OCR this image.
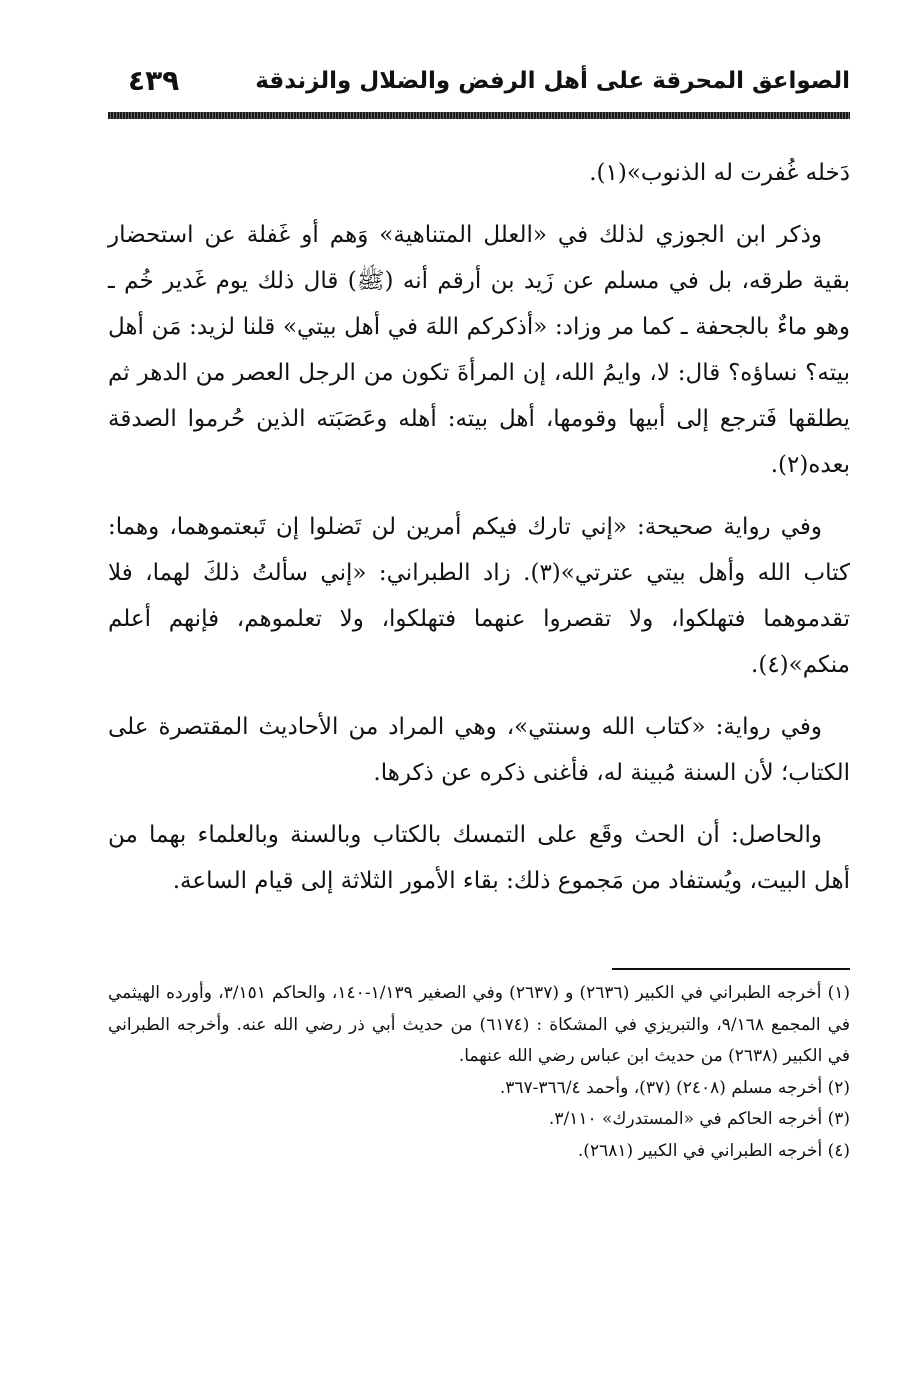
الصواعق المحرقة على أهل الرفض والضلال والزندقة
٤٣٩

دَخله غُفرت له الذنوب»(١).

وذكر ابن الجوزي لذلك في «العلل المتناهية» وَهم أو غَفلة عن استحضار بقية طرقه، بل في مسلم عن زَيد بن أرقم أنه (ﷺ) قال ذلك يوم غَدير خُم ـ وهو ماءٌ بالجحفة ـ كما مر وزاد: «أذكركم اللهَ في أهل بيتي» قلنا لزيد: مَن أهل بيته؟ نساؤه؟ قال: لا، وايمُ الله، إن المرأةَ تكون من الرجل العصر من الدهر ثم يطلقها فَترجع إلى أبيها وقومها، أهل بيته: أهله وعَصَبَته الذين حُرموا الصدقة بعده(٢).

وفي رواية صحيحة: «إني تارك فيكم أمرين لن تَضلوا إن تَبعتموهما، وهما: كتاب الله وأهل بيتي عترتي»(٣). زاد الطبراني: «إني سألتُ ذلكَ لهما، فلا تقدموهما فتهلكوا، ولا تقصروا عنهما فتهلكوا، ولا تعلموهم، فإنهم أعلم منكم»(٤).

وفي رواية: «كتاب الله وسنتي»، وهي المراد من الأحاديث المقتصرة على الكتاب؛ لأن السنة مُبينة له، فأغنى ذكره عن ذكرها.

والحاصل: أن الحث وقَع على التمسك بالكتاب وبالسنة وبالعلماء بهما من أهل البيت، ويُستفاد من مَجموع ذلك: بقاء الأمور الثلاثة إلى قيام الساعة.

(١) أخرجه الطبراني في الكبير (٢٦٣٦) و (٢٦٣٧) وفي الصغير ١/١٣٩-١٤٠، والحاكم ٣/١٥١، وأورده الهيثمي في المجمع ٩/١٦٨، والتبريزي في المشكاة : (٦١٧٤) من حديث أبي ذر رضي الله عنه. وأخرجه الطبراني في الكبير (٢٦٣٨) من حديث ابن عباس رضي الله عنهما.

(٢) أخرجه مسلم (٢٤٠٨) (٣٧)، وأحمد ٣٦٦/٤-٣٦٧.

(٣) أخرجه الحاكم في «المستدرك» ٣/١١٠.

(٤) أخرجه الطبراني في الكبير (٢٦٨١).
